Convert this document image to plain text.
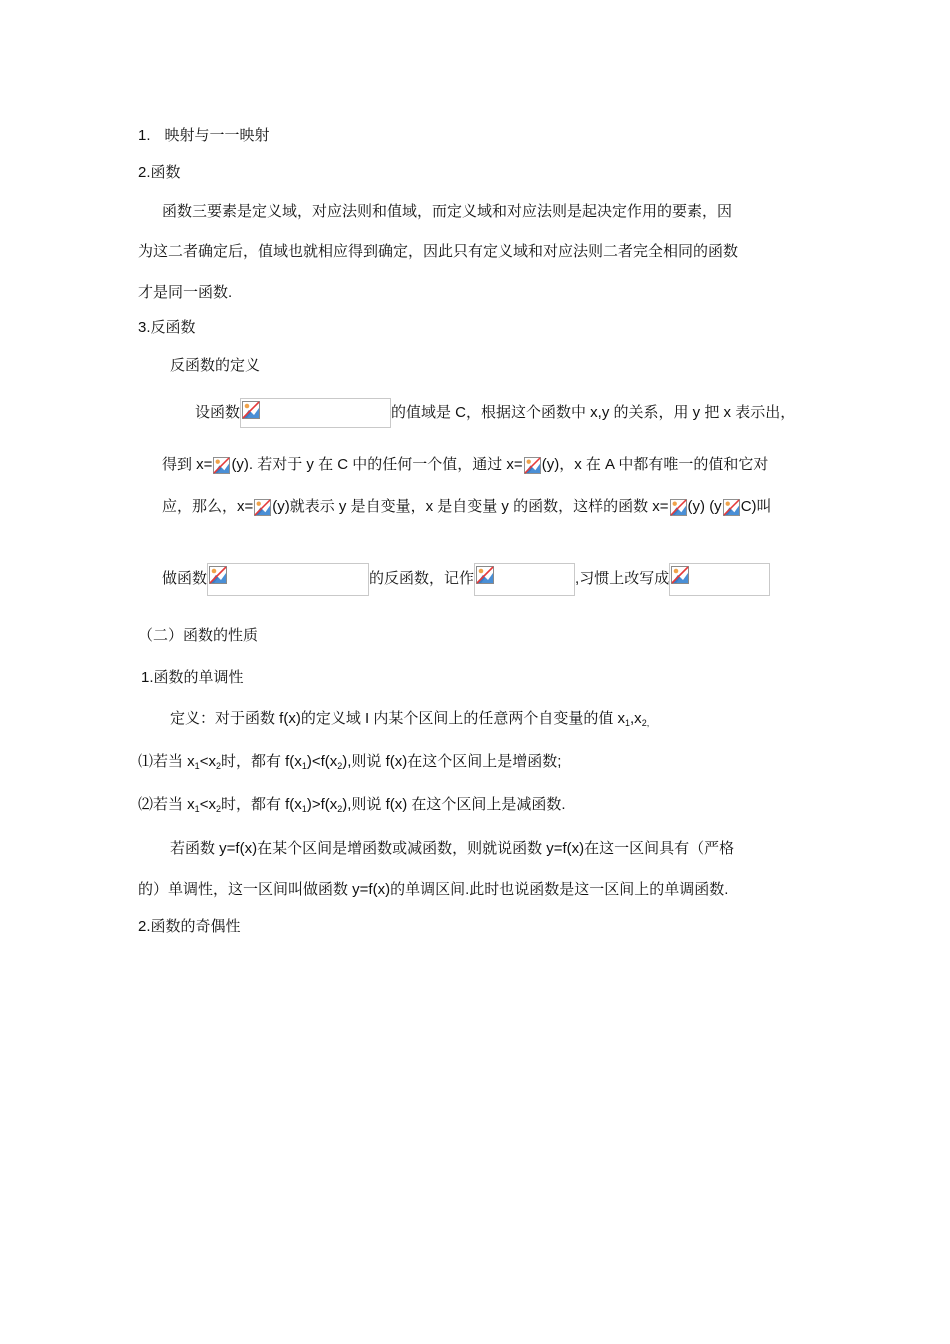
1. 映射与一一映射
2.函数
函数三要素是定义域，对应法则和值域，而定义域和对应法则是起决定作用的要素，因
为这二者确定后，值域也就相应得到确定，因此只有定义域和对应法则二者完全相同的函数
才是同一函数.
3.反函数
反函数的定义
设函数	的值域是 C，根据这个函数中 x,y 的关系，用 y 把 x 表示出，
得到 x= (y). 若对于 y 在 C 中的任何一个值，通过 x= (y)，x 在 A 中都有唯一的值和它对
应，那么，x= (y)就表示 y 是自变量，x 是自变量 y 的函数，这样的函数 x= (y) (y C)叫
做函数	的反函数，记作	,习惯上改写成
（二）函数的性质
1.函数的单调性
定义：对于函数 f(x)的定义域 I 内某个区间上的任意两个自变量的值 $x_1,x_{2,}$
⑴若当 $x_1<x_2$时，都有 $f(x_1)<f(x_2)$,则说 f(x)在这个区间上是增函数;
⑵若当 $x_1<x_2$时，都有 $f(x_1)>f(x_2)$,则说 f(x) 在这个区间上是减函数.
若函数 y=f(x)在某个区间是增函数或减函数，则就说函数 y=f(x)在这一区间具有（严格
的）单调性，这一区间叫做函数 y=f(x)的单调区间.此时也说函数是这一区间上的单调函数.
2.函数的奇偶性
